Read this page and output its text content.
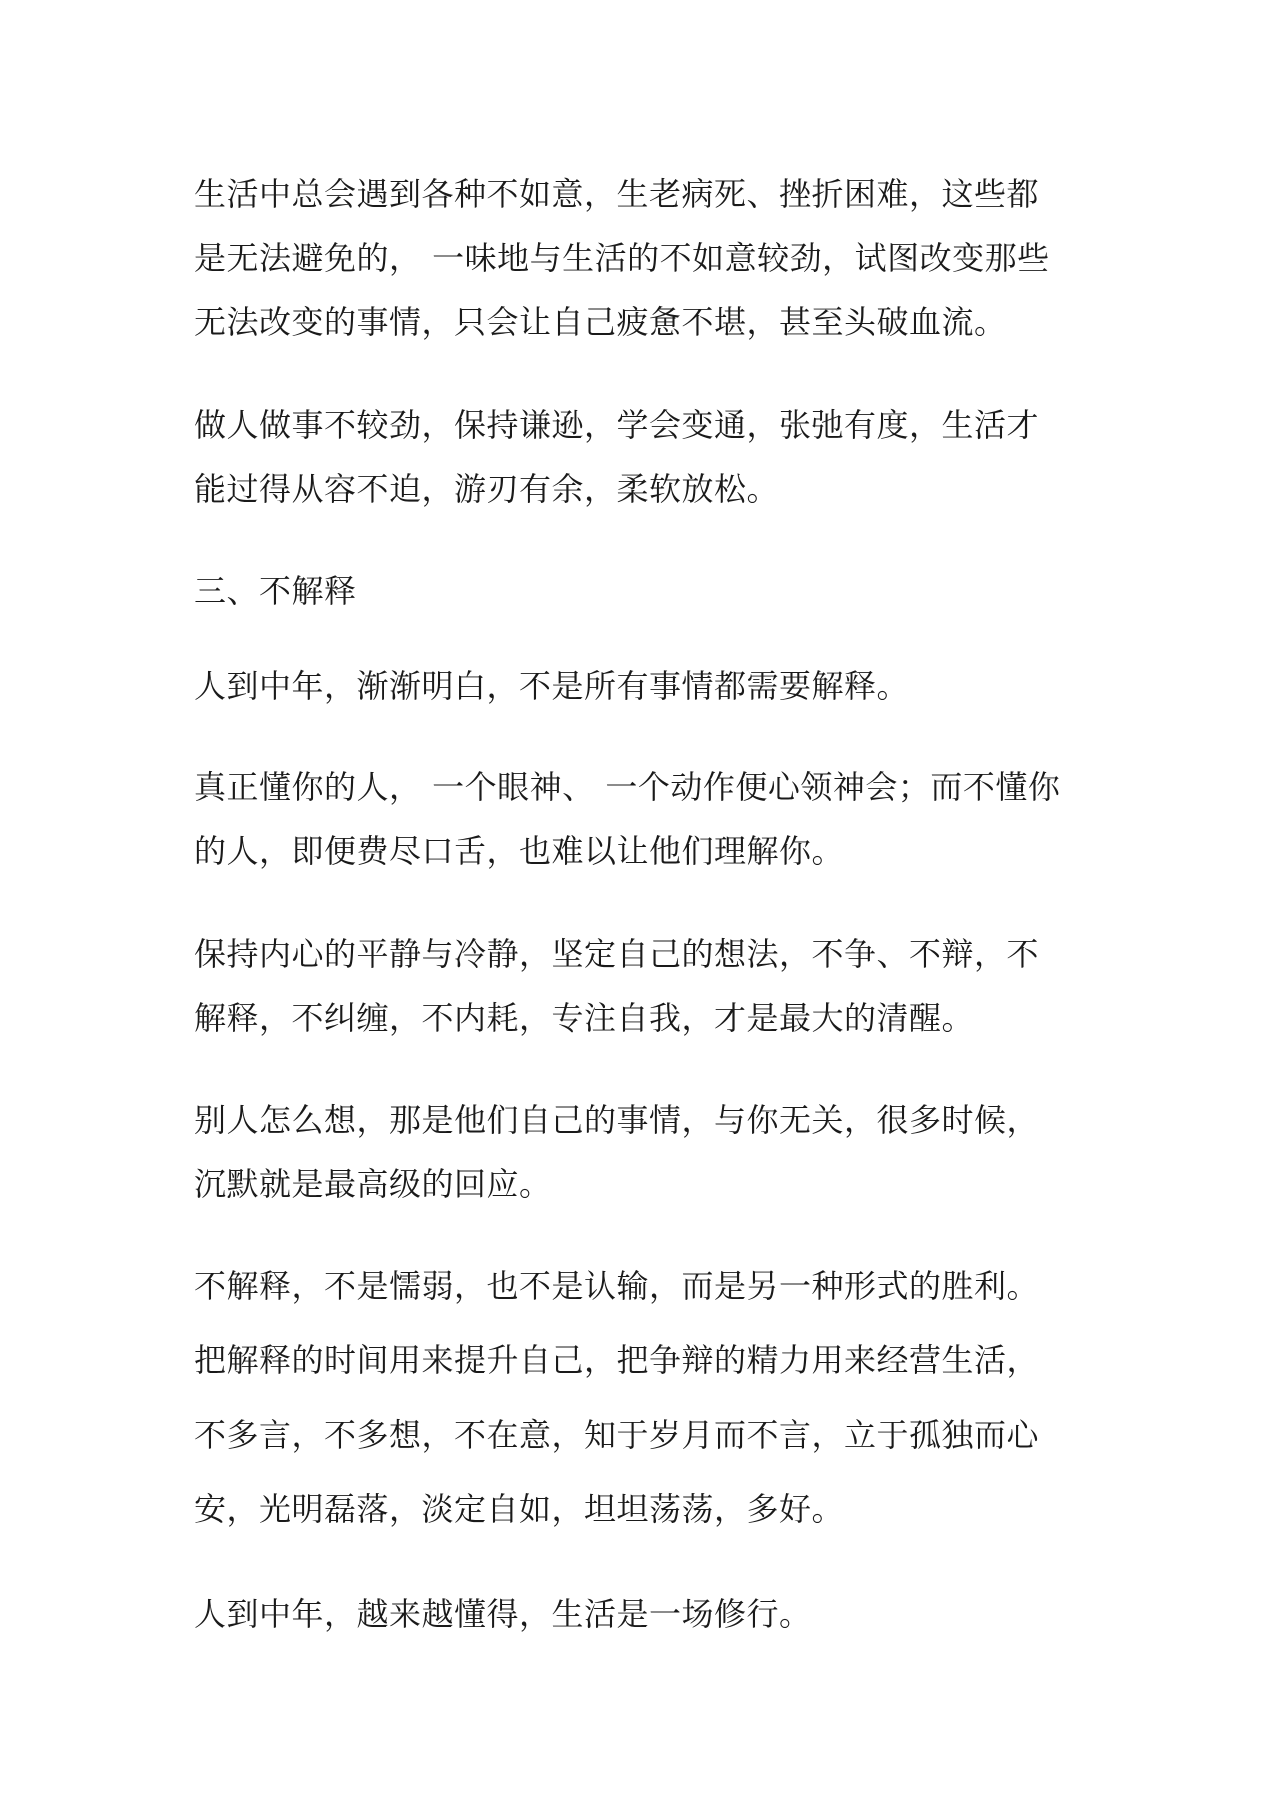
生活中总会遇到各种不如意，生老病死、挫折困难，这些都
是无法避免的， 一味地与生活的不如意较劲，试图改变那些
无法改变的事情，只会让自己疲惫不堪，甚至头破血流。
做人做事不较劲，保持谦逊，学会变通，张弛有度，生活才
能过得从容不迫，游刃有余，柔软放松。
三、不解释
人到中年，渐渐明白，不是所有事情都需要解释。
真正懂你的人， 一个眼神、 一个动作便心领神会；而不懂你
的人，即便费尽口舌，也难以让他们理解你。
保持内心的平静与冷静，坚定自己的想法，不争、不辩，不
解释，不纠缠，不内耗，专注自我，才是最大的清醒。
别人怎么想，那是他们自己的事情，与你无关，很多时候，
沉默就是最高级的回应。
不解释，不是懦弱，也不是认输，而是另一种形式的胜利。
把解释的时间用来提升自己，把争辩的精力用来经营生活，
不多言，不多想，不在意，知于岁月而不言，立于孤独而心
安，光明磊落，淡定自如，坦坦荡荡，多好。
人到中年，越来越懂得，生活是一场修行。
